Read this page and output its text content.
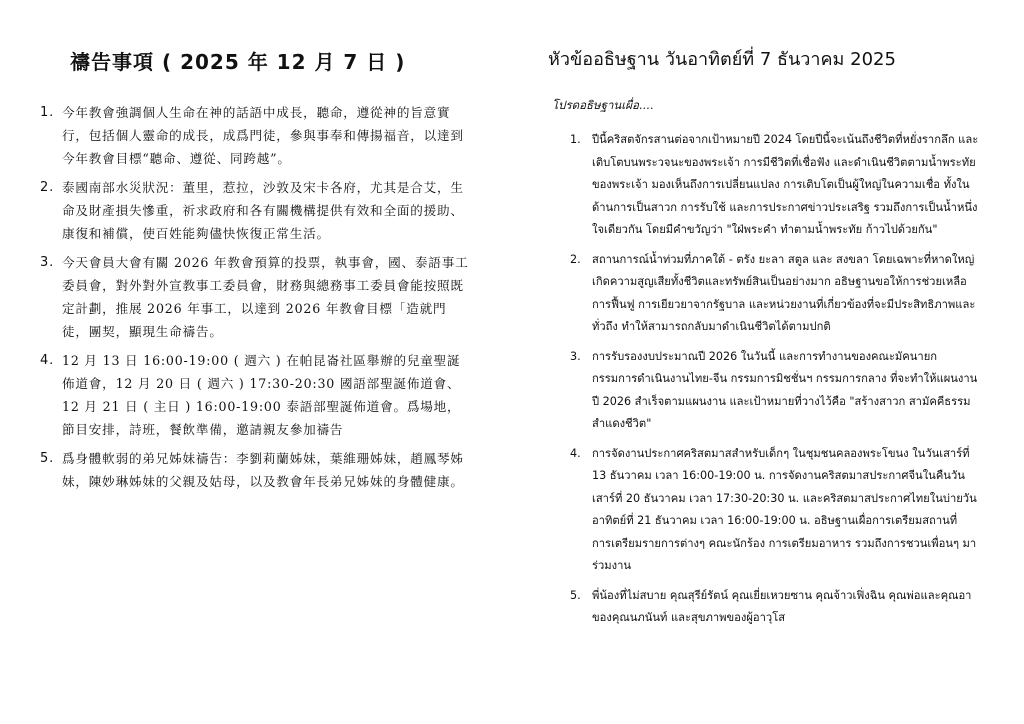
禱告事項 ( 2025 年 12 月 7 日 )
1. 今年教會強調個人生命在神的話語中成長，聽命，遵從神的旨意實行，包括個人靈命的成長，成爲門徒，參與事奉和傳揚福音，以達到今年教會目標“聽命、遵從、同跨越”。
2. 泰國南部水災狀況：董里，惹拉，沙敦及宋卡各府，尤其是合艾，生命及財產損失慘重，祈求政府和各有關機構提供有效和全面的援助、康復和補償，使百姓能夠儘快恢復正常生活。
3. 今天會員大會有關 2026 年教會預算的投票，執事會，國、泰語事工委員會，對外對外宣教事工委員會，財務與總務事工委員會能按照既定計劃，推展 2026 年事工，以達到 2026 年教會目標「造就門徒，團契，顯現生命禱告。
4. 12 月 13 日 16:00-19:00 ( 週六 ) 在帕昆崙社區舉辦的兒童聖誕佈道會，12 月 20 日 ( 週六 ) 17:30-20:30 國語部聖誕佈道會、12 月 21 日 ( 主日 ) 16:00-19:00 泰語部聖誕佈道會。爲場地，節目安排，詩班，餐飲準備，邀請親友參加禱告
5. 爲身體軟弱的弟兄姊妹禱告：李劉莉蘭姊妹，葉維珊姊妹，趙鳳琴姊妹，陳妙琳姊妹的父親及姑母，以及教會年長弟兄姊妹的身體健康。
หัวข้ออธิษฐาน วันอาทิตย์ที่ 7 ธันวาคม 2025
โปรดอธิษฐานเผื่อ....
1.	ปีนี้คริสตจักรสานต่อจากเป้าหมายปี 2024 โดยปีนี้จะเน้นถึงชีวิตที่หยั่งรากลึก และเติบโตบนพระวจนะของพระเจ้า การมีชีวิตที่เชื่อฟัง และดำเนินชีวิตตามน้ำพระทัยของพระเจ้า มองเห็นถึงการเปลี่ยนแปลง การเติบโตเป็นผู้ใหญ่ในความเชื่อ ทั้งในด้านการเป็นสาวก การรับใช้ และการประกาศข่าวประเสริฐ รวมถึงการเป็นน้ำหนึ่งใจเดียวกัน โดยมีคำขวัญว่า "ใฝ่พระคำ ทำตามน้ำพระทัย ก้าวไปด้วยกัน"
2.	สถานการณ์น้ำท่วมที่ภาคใต้ - ตรัง ยะลา สตูล และ สงขลา โดยเฉพาะที่หาดใหญ่ เกิดความสูญเสียทั้งชีวิตและทรัพย์สินเป็นอย่างมาก อธิษฐานขอให้การช่วยเหลือ การฟื้นฟู การเยียวยาจากรัฐบาล และหน่วยงานที่เกี่ยวข้องที่จะมีประสิทธิภาพและทั่วถึง ทำให้สามารถกลับมาดำเนินชีวิตได้ตามปกติ
3.	การรับรองงบประมาณปี 2026 ในวันนี้ และการทำงานของคณะมัคนายก กรรมการดำเนินงานไทย-จีน กรรมการมิชชั่นฯ กรรมการกลาง ที่จะทำให้แผนงานปี 2026 สำเร็จตามแผนงาน และเป้าหมายที่วางไว้คือ "สร้างสาวก สามัคคีธรรม สำแดงชีวิต"
4.	การจัดงานประกาศคริสตมาสสำหรับเด็กๆ ในชุมชนคลองพระโขนง ในวันเสาร์ที่ 13 ธันวาคม เวลา 16:00-19:00 น. การจัดงานคริสตมาสประกาศจีนในคืนวันเสาร์ที่ 20 ธันวาคม เวลา 17:30-20:30 น. และคริสตมาสประกาศไทยในบ่ายวันอาทิตย์ที่ 21 ธันวาคม เวลา 16:00-19:00 น. อธิษฐานเผื่อการเตรียมสถานที่ การเตรียมรายการต่างๆ คณะนักร้อง การเตรียมอาหาร รวมถึงการชวนเพื่อนๆ มาร่วมงาน
5.	พี่น้องที่ไม่สบาย คุณสุรีย์รัตน์ คุณเยี่ยเหวยซาน คุณจ้าวเฟิ่งฉิน คุณพ่อและคุณอาของคุณนภนันท์ และสุขภาพของผู้อาวุโส
